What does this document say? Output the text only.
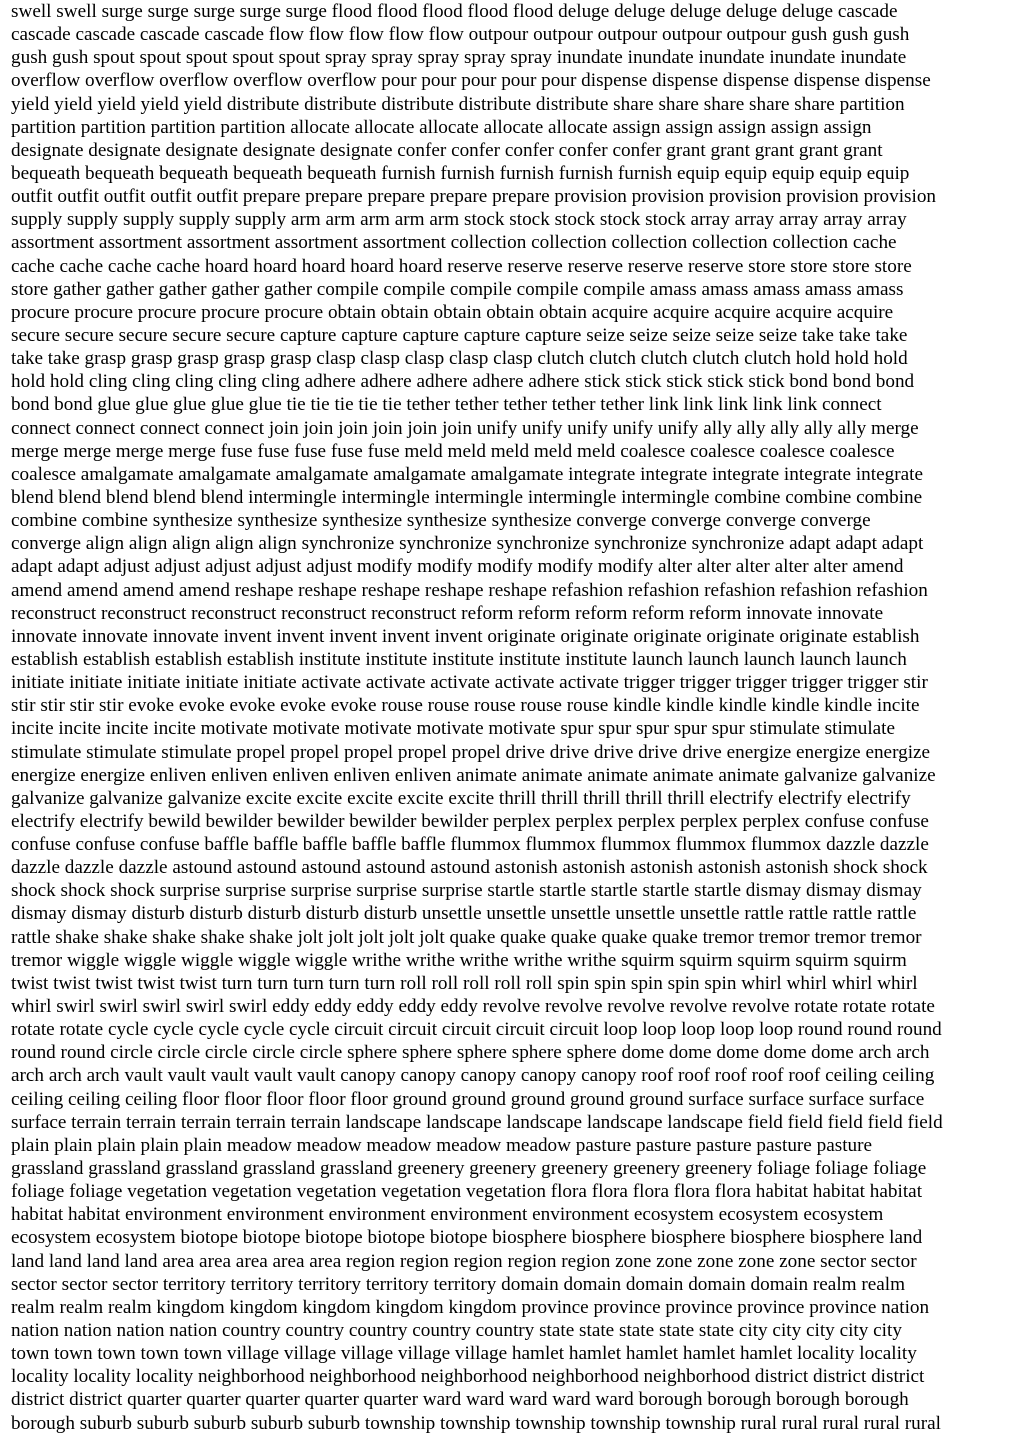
swell swell surge surge surge surge surge flood flood flood flood flood deluge deluge deluge deluge deluge cascade
cascade cascade cascade cascade flow flow flow flow flow outpour outpour outpour outpour outpour gush gush gush
gush gush spout spout spout spout spout spray spray spray spray spray inundate inundate inundate inundate inundate
overflow overflow overflow overflow overflow pour pour pour pour pour dispense dispense dispense dispense dispense
yield yield yield yield yield distribute distribute distribute distribute distribute share share share share share partition
partition partition partition partition allocate allocate allocate allocate allocate assign assign assign assign assign
designate designate designate designate designate confer confer confer confer confer grant grant grant grant grant
bequeath bequeath bequeath bequeath bequeath furnish furnish furnish furnish furnish equip equip equip equip equip
outfit outfit outfit outfit outfit prepare prepare prepare prepare prepare provision provision provision provision provision
supply supply supply supply supply arm arm arm arm arm stock stock stock stock stock array array array array array
assortment assortment assortment assortment assortment collection collection collection collection collection cache
cache cache cache cache hoard hoard hoard hoard hoard reserve reserve reserve reserve reserve store store store store
store gather gather gather gather gather compile compile compile compile compile amass amass amass amass amass
procure procure procure procure procure obtain obtain obtain obtain obtain acquire acquire acquire acquire acquire
secure secure secure secure secure capture capture capture capture capture seize seize seize seize seize take take take
take take grasp grasp grasp grasp grasp clasp clasp clasp clasp clasp clutch clutch clutch clutch clutch hold hold hold
hold hold cling cling cling cling cling adhere adhere adhere adhere adhere stick stick stick stick stick bond bond bond
bond bond glue glue glue glue glue tie tie tie tie tie tether tether tether tether tether link link link link link connect
connect connect connect connect join join join join join join unify unify unify unify unify ally ally ally ally ally merge
merge merge merge merge fuse fuse fuse fuse fuse meld meld meld meld meld coalesce coalesce coalesce coalesce
coalesce amalgamate amalgamate amalgamate amalgamate amalgamate integrate integrate integrate integrate integrate
blend blend blend blend blend intermingle intermingle intermingle intermingle intermingle combine combine combine
combine combine synthesize synthesize synthesize synthesize synthesize converge converge converge converge
converge align align align align align synchronize synchronize synchronize synchronize synchronize adapt adapt adapt
adapt adapt adjust adjust adjust adjust adjust modify modify modify modify modify alter alter alter alter alter amend
amend amend amend amend reshape reshape reshape reshape reshape refashion refashion refashion refashion refashion
reconstruct reconstruct reconstruct reconstruct reconstruct reform reform reform reform reform innovate innovate
innovate innovate innovate invent invent invent invent invent originate originate originate originate originate establish
establish establish establish establish institute institute institute institute institute launch launch launch launch launch
initiate initiate initiate initiate initiate activate activate activate activate activate trigger trigger trigger trigger trigger stir
stir stir stir stir evoke evoke evoke evoke evoke rouse rouse rouse rouse rouse kindle kindle kindle kindle kindle incite
incite incite incite incite motivate motivate motivate motivate motivate spur spur spur spur spur stimulate stimulate
stimulate stimulate stimulate propel propel propel propel propel drive drive drive drive drive energize energize energize
energize energize enliven enliven enliven enliven enliven animate animate animate animate animate galvanize galvanize
galvanize galvanize galvanize excite excite excite excite excite thrill thrill thrill thrill thrill electrify electrify electrify
electrify electrify bewild bewilder bewilder bewilder bewilder perplex perplex perplex perplex perplex confuse confuse
confuse confuse confuse baffle baffle baffle baffle baffle flummox flummox flummox flummox flummox dazzle dazzle
dazzle dazzle dazzle astound astound astound astound astound astonish astonish astonish astonish astonish shock shock
shock shock shock surprise surprise surprise surprise surprise startle startle startle startle startle dismay dismay dismay
dismay dismay disturb disturb disturb disturb disturb unsettle unsettle unsettle unsettle unsettle rattle rattle rattle rattle
rattle shake shake shake shake shake jolt jolt jolt jolt jolt quake quake quake quake quake tremor tremor tremor tremor
tremor wiggle wiggle wiggle wiggle wiggle writhe writhe writhe writhe writhe squirm squirm squirm squirm squirm
twist twist twist twist twist turn turn turn turn turn roll roll roll roll roll spin spin spin spin spin whirl whirl whirl whirl
whirl swirl swirl swirl swirl swirl eddy eddy eddy eddy eddy revolve revolve revolve revolve revolve rotate rotate rotate
rotate rotate cycle cycle cycle cycle cycle circuit circuit circuit circuit circuit loop loop loop loop loop round round round
round round circle circle circle circle circle sphere sphere sphere sphere sphere dome dome dome dome dome arch arch
arch arch arch vault vault vault vault vault canopy canopy canopy canopy canopy roof roof roof roof roof ceiling ceiling
ceiling ceiling ceiling floor floor floor floor floor ground ground ground ground ground surface surface surface surface
surface terrain terrain terrain terrain terrain landscape landscape landscape landscape landscape field field field field field
plain plain plain plain plain meadow meadow meadow meadow meadow pasture pasture pasture pasture pasture
grassland grassland grassland grassland grassland greenery greenery greenery greenery greenery foliage foliage foliage
foliage foliage vegetation vegetation vegetation vegetation vegetation flora flora flora flora flora habitat habitat habitat
habitat habitat environment environment environment environment environment ecosystem ecosystem ecosystem
ecosystem ecosystem biotope biotope biotope biotope biotope biosphere biosphere biosphere biosphere biosphere land
land land land land area area area area area region region region region region zone zone zone zone zone sector sector
sector sector sector territory territory territory territory territory domain domain domain domain domain realm realm
realm realm realm kingdom kingdom kingdom kingdom kingdom province province province province province nation
nation nation nation nation country country country country country state state state state state city city city city city
town town town town town village village village village village hamlet hamlet hamlet hamlet hamlet locality locality
locality locality locality neighborhood neighborhood neighborhood neighborhood neighborhood district district district
district district quarter quarter quarter quarter quarter ward ward ward ward ward borough borough borough borough
borough suburb suburb suburb suburb suburb township township township township township rural rural rural rural rural
